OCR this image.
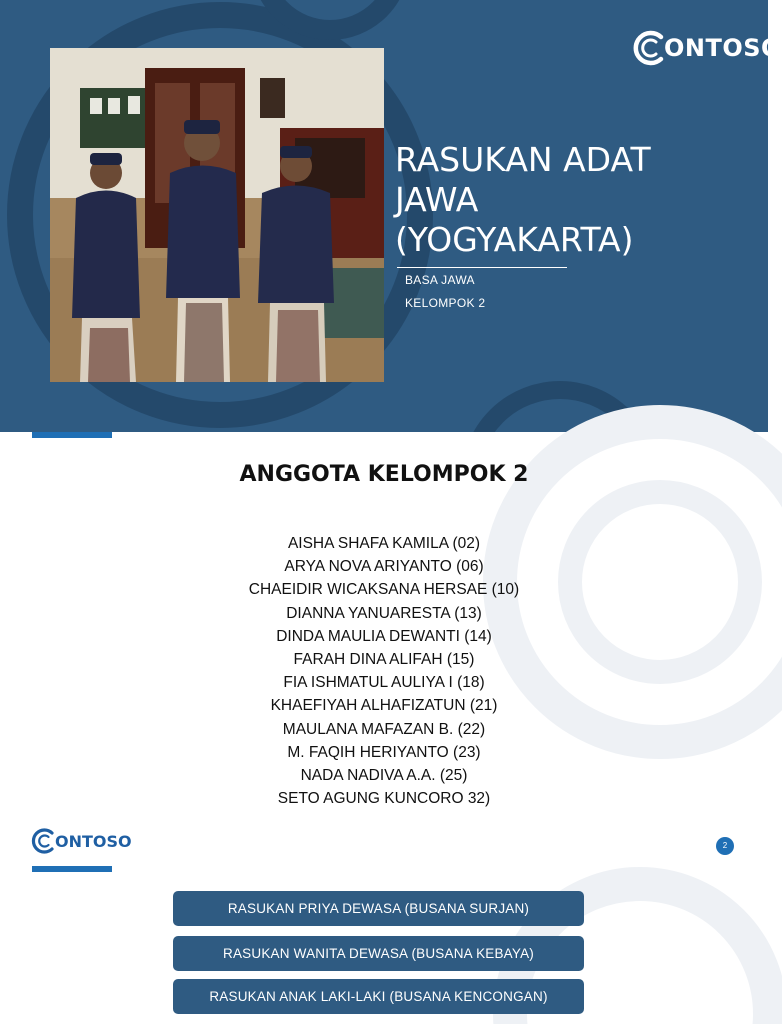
ONTOSO
RASUKAN ADAT
JAWA
(YOGYAKARTA)
BASA JAWA
KELOMPOK 2
ANGGOTA KELOMPOK 2
AISHA SHAFA KAMILA (02)
ARYA NOVA ARIYANTO (06)
CHAEIDIR WICAKSANA HERSAE (10)
DIANNA YANUARESTA (13)
DINDA MAULIA DEWANTI (14)
FARAH DINA ALIFAH (15)
FIA ISHMATUL AULIYA I (18)
KHAEFIYAH ALHAFIZATUN (21)
MAULANA MAFAZAN B. (22)
M. FAQIH HERIYANTO (23)
NADA NADIVA A.A. (25)
SETO AGUNG KUNCORO 32)
ONTOSO	2
RASUKAN PRIYA DEWASA (BUSANA SURJAN)
RASUKAN WANITA DEWASA (BUSANA KEBAYA)
RASUKAN ANAK LAKI-LAKI (BUSANA KENCONGAN)
